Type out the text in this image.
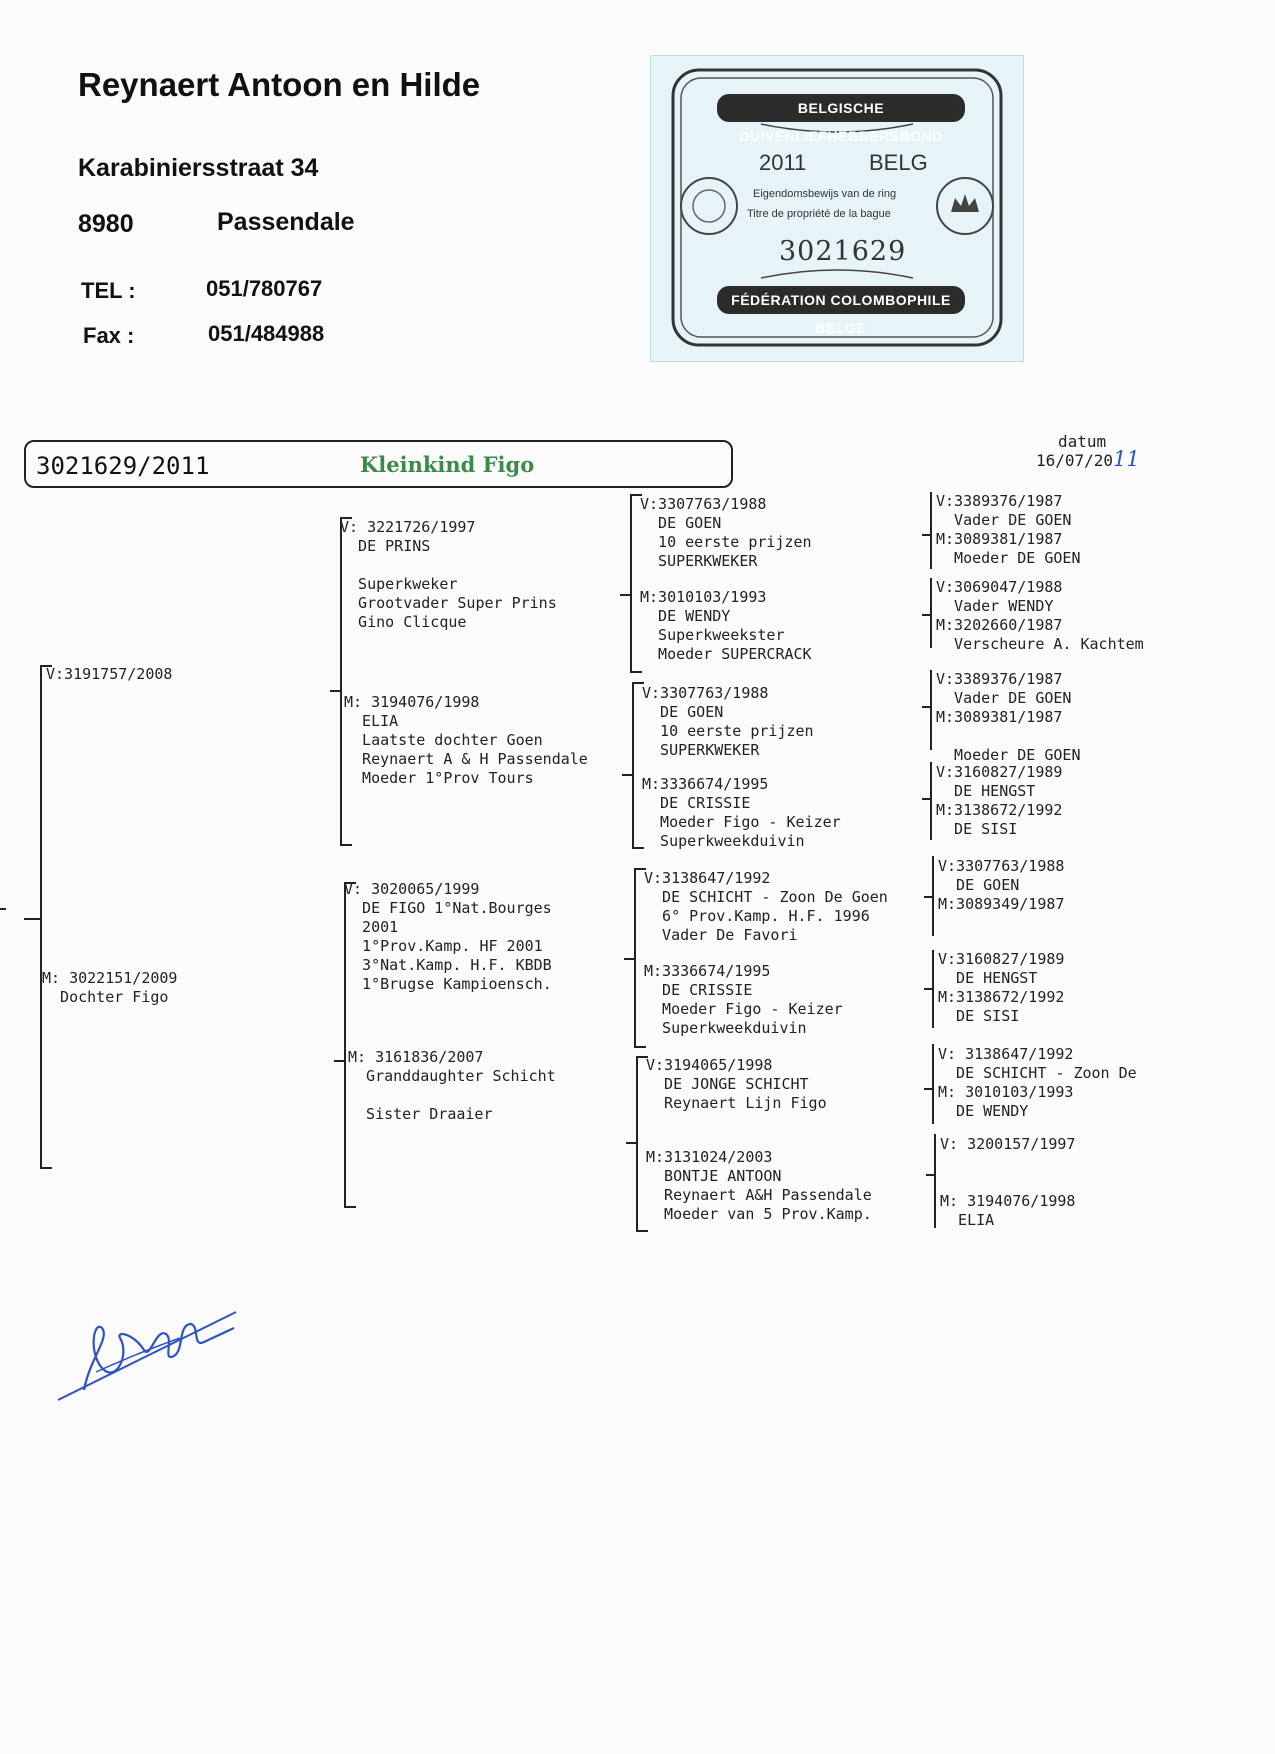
Reynaert Antoon en Hilde
Karabiniersstraat 34
8980	Passendale
TEL :	051/780767
Fax :	051/484988
BELGISCHE DUIVENLIEFHEBBERSBOND
2011	BELG
Eigendomsbewijs van de ring
Titre de propriété de la bague
3021629
FÉDÉRATION COLOMBOPHILE BELGE
3021629/2011	Kleinkind Figo
datum
16/07/2011
V:3191757/2008
M: 3022151/2009
Dochter Figo
V: 3221726/1997
DE PRINS

Superkweker
Grootvader Super Prins
Gino Clicque
M: 3194076/1998
ELIA
Laatste dochter Goen
Reynaert A & H Passendale
Moeder 1°Prov Tours
V: 3020065/1999
DE FIGO 1°Nat.Bourges
2001
1°Prov.Kamp. HF 2001
3°Nat.Kamp. H.F. KBDB
1°Brugse Kampioensch.
M: 3161836/2007
Granddaughter Schicht

Sister Draaier
V:3307763/1988
DE GOEN
10 eerste prijzen
SUPERKWEKER
M:3010103/1993
DE WENDY
Superkweekster
Moeder SUPERCRACK
V:3307763/1988
DE GOEN
10 eerste prijzen
SUPERKWEKER
M:3336674/1995
DE CRISSIE
Moeder Figo - Keizer
Superkweekduivin
V:3138647/1992
DE SCHICHT - Zoon De Goen
6° Prov.Kamp. H.F. 1996
Vader De Favori
M:3336674/1995
DE CRISSIE
Moeder Figo - Keizer
Superkweekduivin
V:3194065/1998
DE JONGE SCHICHT
Reynaert Lijn Figo
M:3131024/2003
BONTJE ANTOON
Reynaert A&H Passendale
Moeder van 5 Prov.Kamp.
V:3389376/1987
Vader DE GOEN
M:3089381/1987
Moeder DE GOEN
V:3069047/1988
Vader WENDY
M:3202660/1987
Verscheure A. Kachtem
V:3389376/1987
Vader DE GOEN
M:3089381/1987

Moeder DE GOEN
V:3160827/1989
DE HENGST
M:3138672/1992
DE SISI
V:3307763/1988
DE GOEN
M:3089349/1987
V:3160827/1989
DE HENGST
M:3138672/1992
DE SISI
V: 3138647/1992
DE SCHICHT - Zoon De
M: 3010103/1993
DE WENDY
V: 3200157/1997

M: 3194076/1998
ELIA
